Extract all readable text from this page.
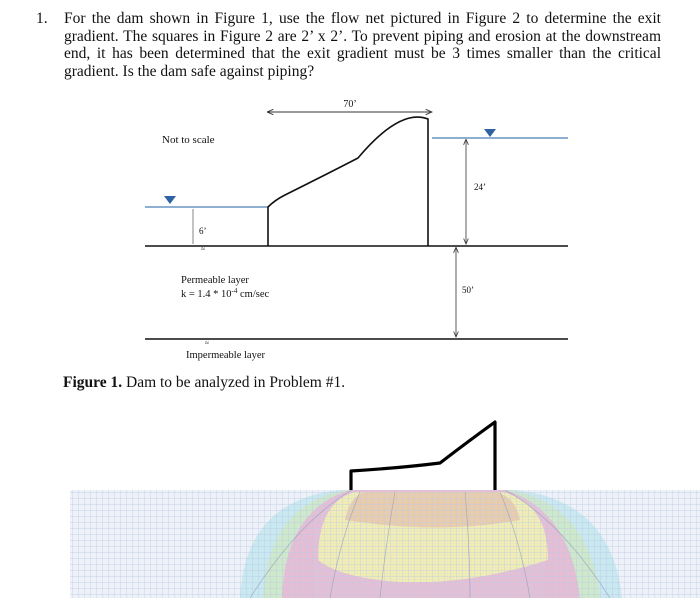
1. For the dam shown in Figure 1, use the flow net pictured in Figure 2 to determine the exit gradient. The squares in Figure 2 are 2’ x 2’. To prevent piping and erosion at the downstream end, it has been determined that the exit gradient must be 3 times smaller than the critical gradient. Is the dam safe against piping?

70’
Not to scale
6’
≈
24’
50’
Permeable layer
$k = 1.4 * 10^{-4}$ cm/sec
≈
Impermeable layer
Figure 1. Dam to be analyzed in Problem #1.
